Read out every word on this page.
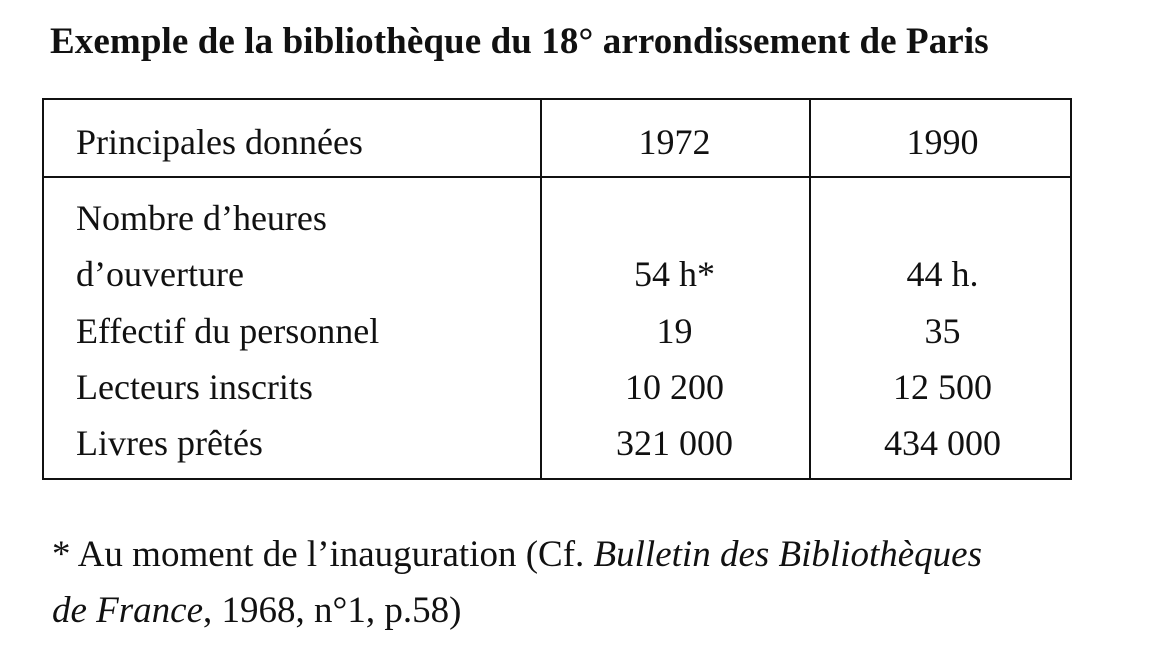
Exemple de la bibliothèque du 18° arrondissement de Paris
Principales données	1972	1990
Nombre d’heures
d’ouverture	54 h*	44 h.
Effectif du personnel	19	35
Lecteurs inscrits	10 200	12 500
Livres prêtés	321 000	434 000
* Au moment de l’inauguration (Cf. Bulletin des Bibliothèques
de France, 1968, n°1, p.58)
